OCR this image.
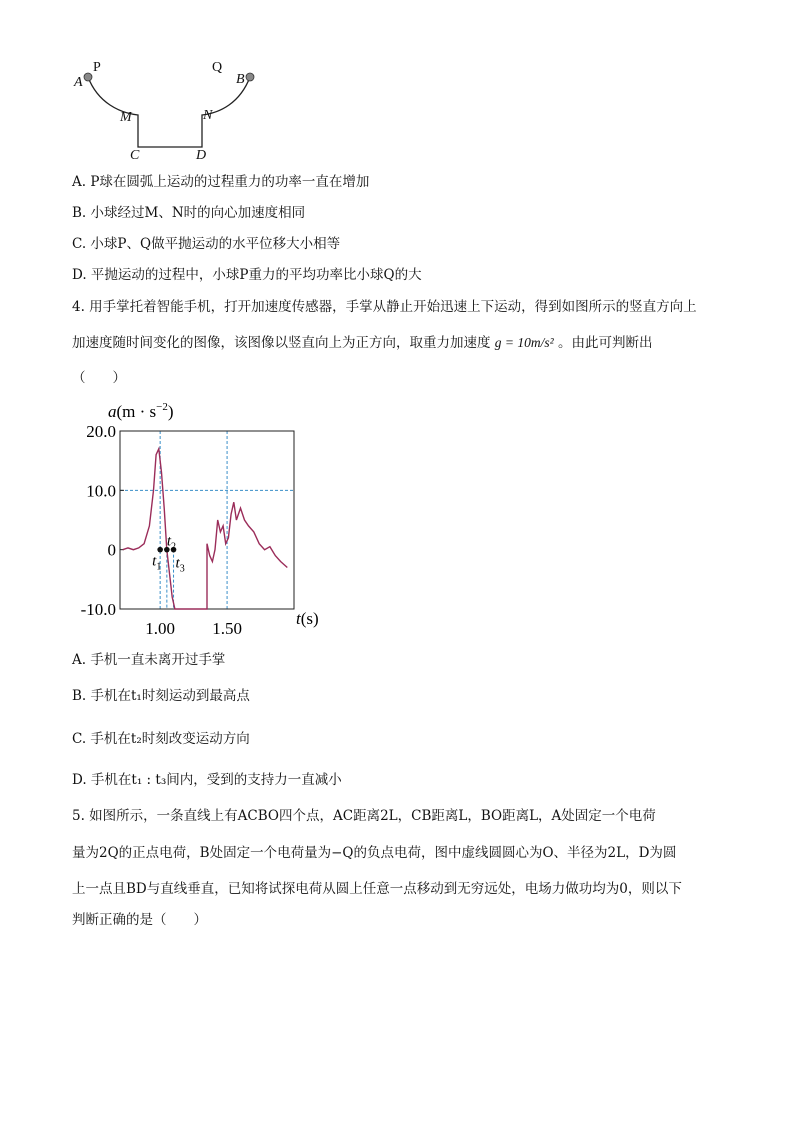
A
P	Q
B
M	N
C	D
A. P球在圆弧上运动的过程重力的功率一直在增加
B. 小球经过M、N时的向心加速度相同
C. 小球P、Q做平抛运动的水平位移大小相等
D. 平抛运动的过程中，小球P重力的平均功率比小球Q的大
4. 用手掌托着智能手机，打开加速度传感器，手掌从静止开始迅速上下运动，得到如图所示的竖直方向上
加速度随时间变化的图像，该图像以竖直向上为正方向，取重力加速度 g = 10m/s² 。由此可判断出
（　　）
20.0
10.0
0
-10.0
1.00 1.50
$a(m \cdot s^{-2})$
t(s)
$t_1$
$t_2$
$t_3$
A. 手机一直未离开过手掌
B. 手机在t₁时刻运动到最高点
C. 手机在t₂时刻改变运动方向
D. 手机在t₁ : t₃间内，受到的支持力一直减小
5. 如图所示，一条直线上有ACBO四个点，AC距离2L，CB距离L，BO距离L，A处固定一个电荷
量为2Q的正点电荷，B处固定一个电荷量为−Q的负点电荷，图中虚线圆圆心为O、半径为2L，D为圆
上一点且BD与直线垂直，已知将试探电荷从圆上任意一点移动到无穷远处，电场力做功均为0，则以下
判断正确的是（　　）
